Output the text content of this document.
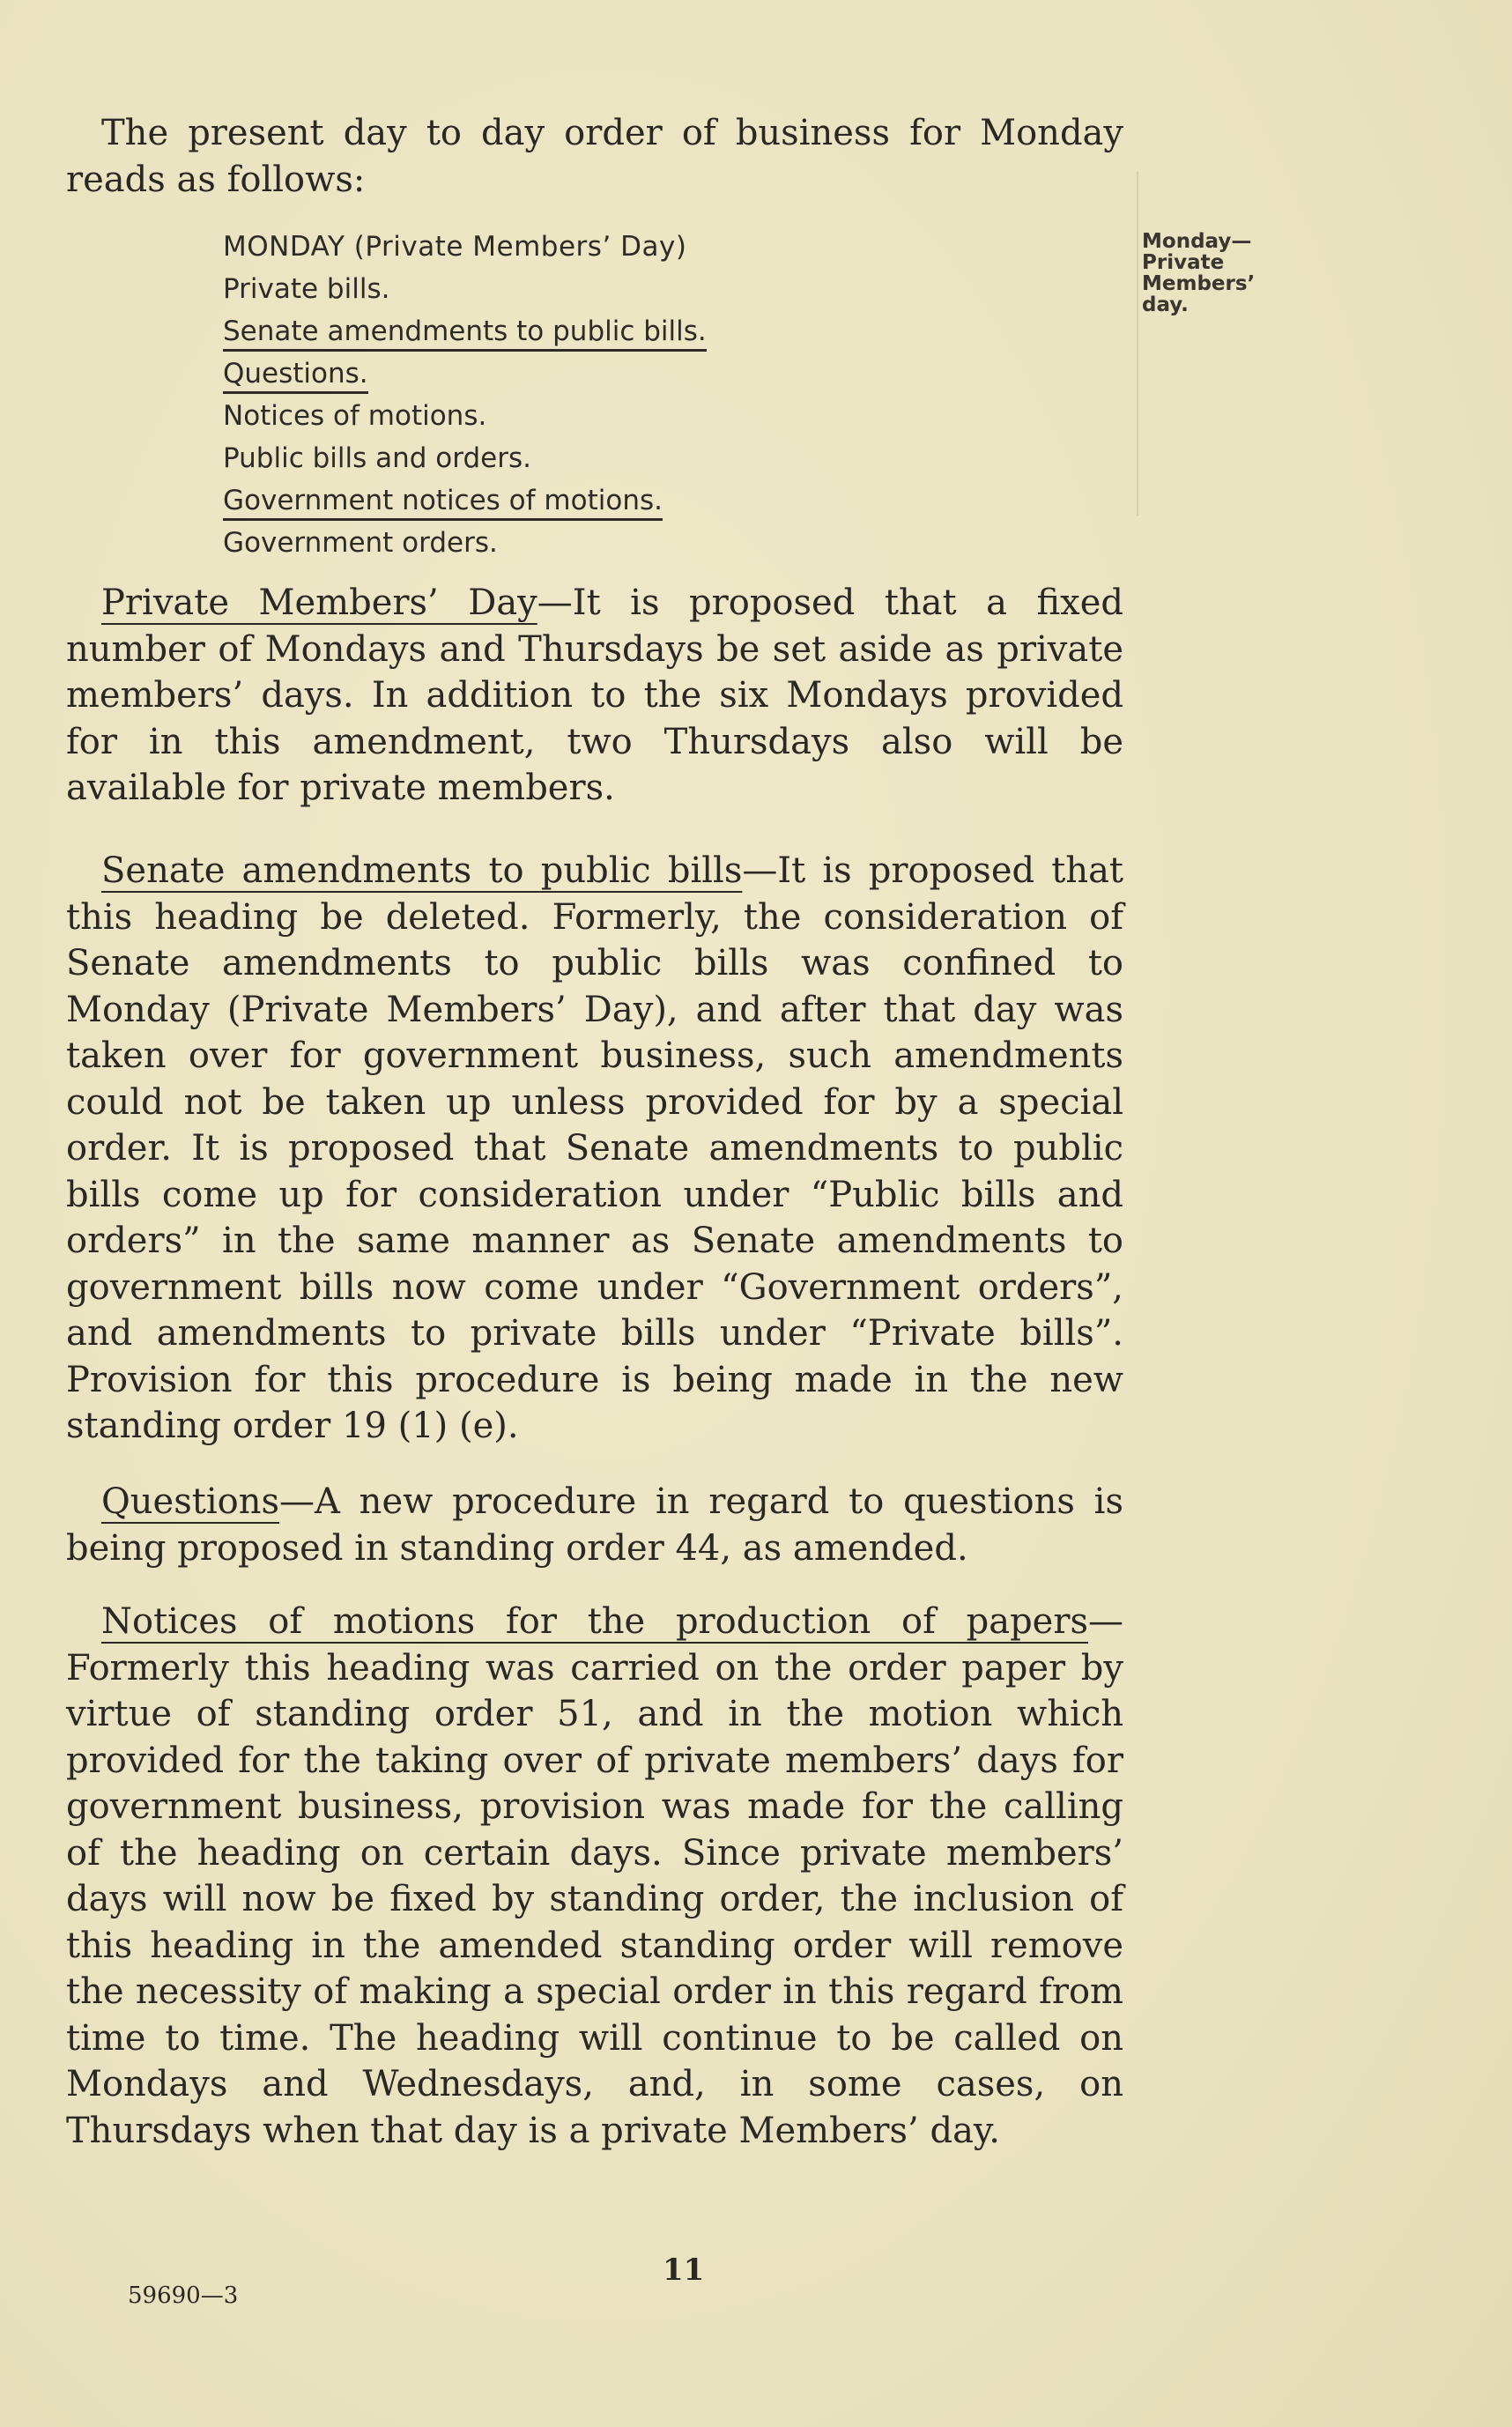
The present day to day order of business for Monday reads as follows:

MONDAY (Private Members’ Day)
Private bills.
Senate amendments to public bills.
Questions.
Notices of motions.
Public bills and orders.
Government notices of motions.
Government orders.
Monday—
Private
Members’
day.

Private Members’ Day—It is proposed that a fixed number of Mondays and Thursdays be set aside as private members’ days. In addition to the six Mondays provided for in this amendment, two Thursdays also will be available for private members.

Senate amendments to public bills—It is proposed that this heading be deleted. Formerly, the consideration of Senate amendments to public bills was confined to Monday (Private Members’ Day), and after that day was taken over for government business, such amendments could not be taken up unless provided for by a special order. It is proposed that Senate amendments to public bills come up for consideration under “Public bills and orders” in the same manner as Senate amendments to government bills now come under “Government orders”, and amendments to private bills under “Private bills”. Provision for this procedure is being made in the new standing order 19 (1) (e).

Questions—A new procedure in regard to questions is being proposed in standing order 44, as amended.

Notices of motions for the production of papers—Formerly this heading was carried on the order paper by virtue of standing order 51, and in the motion which provided for the taking over of private members’ days for government business, provision was made for the calling of the heading on certain days. Since private members’ days will now be fixed by standing order, the inclusion of this heading in the amended standing order will remove the necessity of making a special order in this regard from time to time. The heading will continue to be called on Mondays and Wednesdays, and, in some cases, on Thursdays when that day is a private Members’ day.

11
59690—3
